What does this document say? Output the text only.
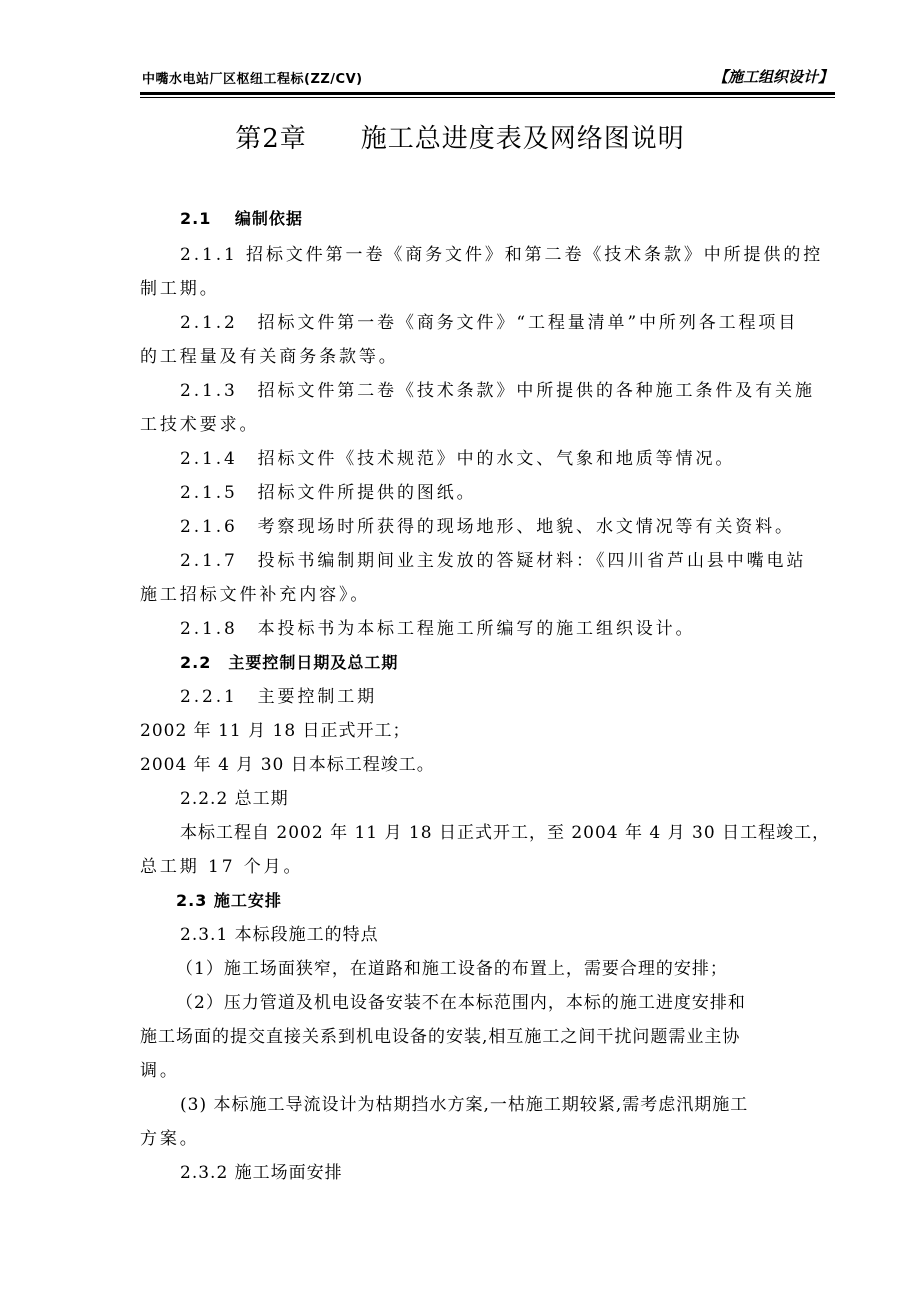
中嘴水电站厂区枢纽工程标(ZZ/CV)	【施工组织设计】
第2章　　施工总进度表及网络图说明
2.1　 编制依据
2.1.1 招标文件第一卷《商务文件》和第二卷《技术条款》中所提供的控
制工期。
2.1.2　招标文件第一卷《商务文件》“工程量清单”中所列各工程项目
的工程量及有关商务条款等。
2.1.3　招标文件第二卷《技术条款》中所提供的各种施工条件及有关施
工技术要求。
2.1.4　招标文件《技术规范》中的水文、气象和地质等情况。
2.1.5　招标文件所提供的图纸。
2.1.6　考察现场时所获得的现场地形、地貌、水文情况等有关资料。
2.1.7　投标书编制期间业主发放的答疑材料：《四川省芦山县中嘴电站
施工招标文件补充内容》。
2.1.8　本投标书为本标工程施工所编写的施工组织设计。
2.2　主要控制日期及总工期
2.2.1　主要控制工期
2002 年 11 月 18 日正式开工；
2004 年 4 月 30 日本标工程竣工。
2.2.2 总工期
本标工程自 2002 年 11 月 18 日正式开工，至 2004 年 4 月 30 日工程竣工，
总工期 17 个月。
2.3 施工安排
2.3.1 本标段施工的特点
（1）施工场面狭窄，在道路和施工设备的布置上，需要合理的安排；
（2）压力管道及机电设备安装不在本标范围内，本标的施工进度安排和
施工场面的提交直接关系到机电设备的安装,相互施工之间干扰问题需业主协
调。
(3) 本标施工导流设计为枯期挡水方案,一枯施工期较紧,需考虑汛期施工
方案。
2.3.2 施工场面安排
